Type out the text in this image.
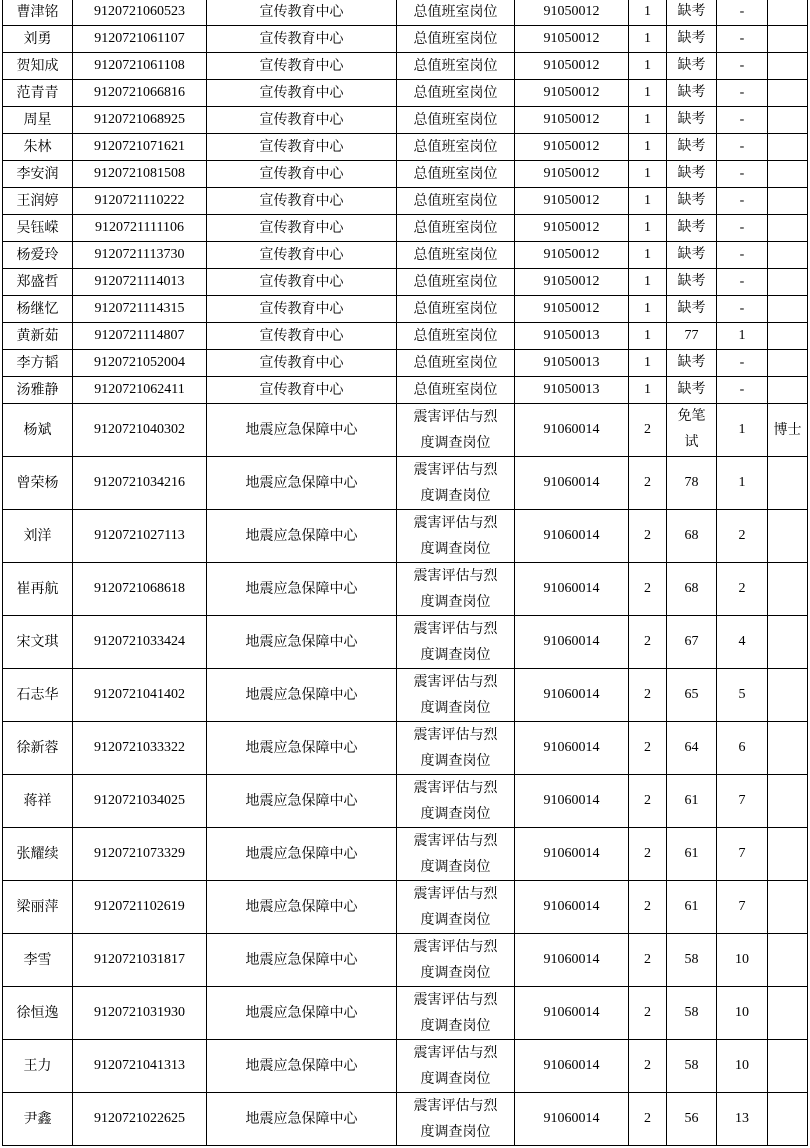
曹津铭	9120721060523	宣传教育中心	总值班室岗位	91050012	1	缺考	-	
刘勇	9120721061107	宣传教育中心	总值班室岗位	91050012	1	缺考	-	
贺知成	9120721061108	宣传教育中心	总值班室岗位	91050012	1	缺考	-	
范青青	9120721066816	宣传教育中心	总值班室岗位	91050012	1	缺考	-	
周星	9120721068925	宣传教育中心	总值班室岗位	91050012	1	缺考	-	
朱林	9120721071621	宣传教育中心	总值班室岗位	91050012	1	缺考	-	
李安润	9120721081508	宣传教育中心	总值班室岗位	91050012	1	缺考	-	
王润婷	9120721110222	宣传教育中心	总值班室岗位	91050012	1	缺考	-	
吴钰嵘	9120721111106	宣传教育中心	总值班室岗位	91050012	1	缺考	-	
杨爱玲	9120721113730	宣传教育中心	总值班室岗位	91050012	1	缺考	-	
郑盛哲	9120721114013	宣传教育中心	总值班室岗位	91050012	1	缺考	-	
杨继忆	9120721114315	宣传教育中心	总值班室岗位	91050012	1	缺考	-	
黄新茹	9120721114807	宣传教育中心	总值班室岗位	91050013	1	77	1	
李方韬	9120721052004	宣传教育中心	总值班室岗位	91050013	1	缺考	-	
汤雅静	9120721062411	宣传教育中心	总值班室岗位	91050013	1	缺考	-	
杨斌	9120721040302	地震应急保障中心	震害评估与烈度调查岗位	91060014	2	免笔试	1	博士
曾荣杨	9120721034216	地震应急保障中心	震害评估与烈度调查岗位	91060014	2	78	1	
刘洋	9120721027113	地震应急保障中心	震害评估与烈度调查岗位	91060014	2	68	2	
崔再航	9120721068618	地震应急保障中心	震害评估与烈度调查岗位	91060014	2	68	2	
宋文琪	9120721033424	地震应急保障中心	震害评估与烈度调查岗位	91060014	2	67	4	
石志华	9120721041402	地震应急保障中心	震害评估与烈度调查岗位	91060014	2	65	5	
徐新蓉	9120721033322	地震应急保障中心	震害评估与烈度调查岗位	91060014	2	64	6	
蒋祥	9120721034025	地震应急保障中心	震害评估与烈度调查岗位	91060014	2	61	7	
张耀续	9120721073329	地震应急保障中心	震害评估与烈度调查岗位	91060014	2	61	7	
梁丽萍	9120721102619	地震应急保障中心	震害评估与烈度调查岗位	91060014	2	61	7	
李雪	9120721031817	地震应急保障中心	震害评估与烈度调查岗位	91060014	2	58	10	
徐恒逸	9120721031930	地震应急保障中心	震害评估与烈度调查岗位	91060014	2	58	10	
王力	9120721041313	地震应急保障中心	震害评估与烈度调查岗位	91060014	2	58	10	
尹鑫	9120721022625	地震应急保障中心	震害评估与烈度调查岗位	91060014	2	56	13	
